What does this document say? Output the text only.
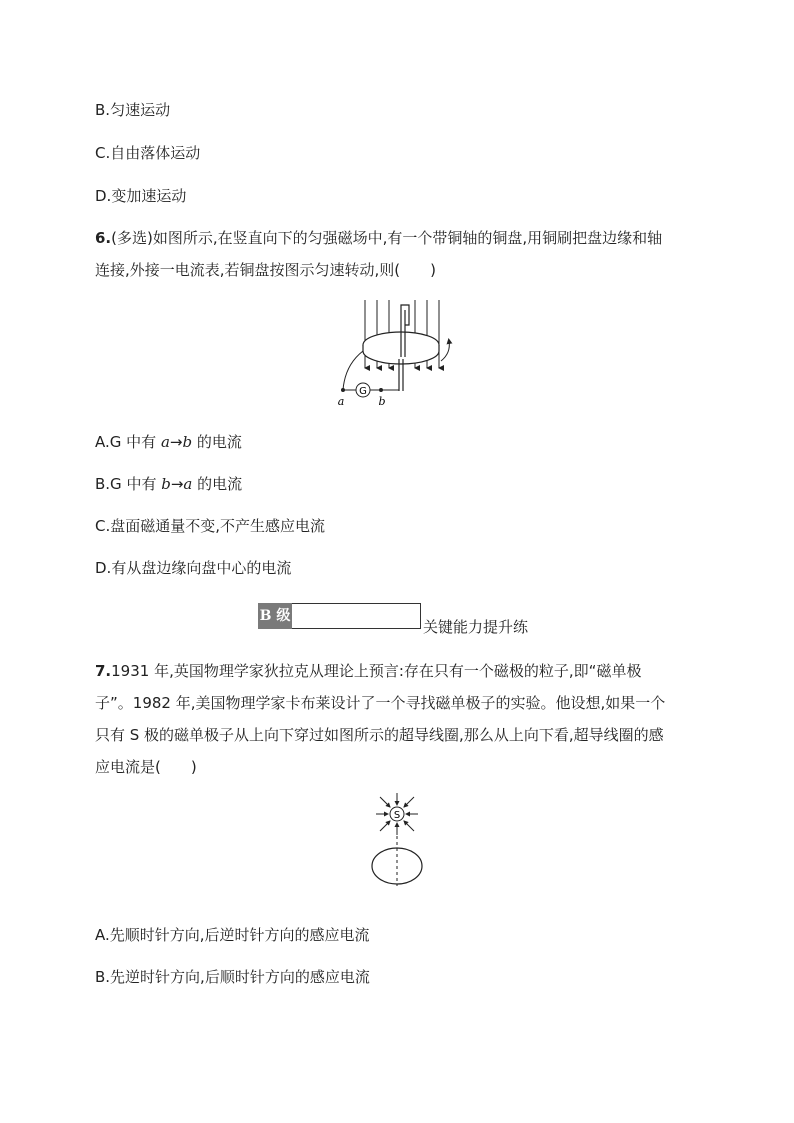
B.匀速运动
C.自由落体运动
D.变加速运动
6.(多选)如图所示,在竖直向下的匀强磁场中,有一个带铜轴的铜盘,用铜刷把盘边缘和轴
连接,外接一电流表,若铜盘按图示匀速转动,则(　　)
G
a	b
A.G 中有 a→b 的电流
B.G 中有 b→a 的电流
C.盘面磁通量不变,不产生感应电流
D.有从盘边缘向盘中心的电流
B 级
关键能力提升练
7.1931 年,英国物理学家狄拉克从理论上预言:存在只有一个磁极的粒子,即“磁单极
子”。1982 年,美国物理学家卡布莱设计了一个寻找磁单极子的实验。他设想,如果一个
只有 S 极的磁单极子从上向下穿过如图所示的超导线圈,那么从上向下看,超导线圈的感
应电流是(　　)
S
A.先顺时针方向,后逆时针方向的感应电流
B.先逆时针方向,后顺时针方向的感应电流
